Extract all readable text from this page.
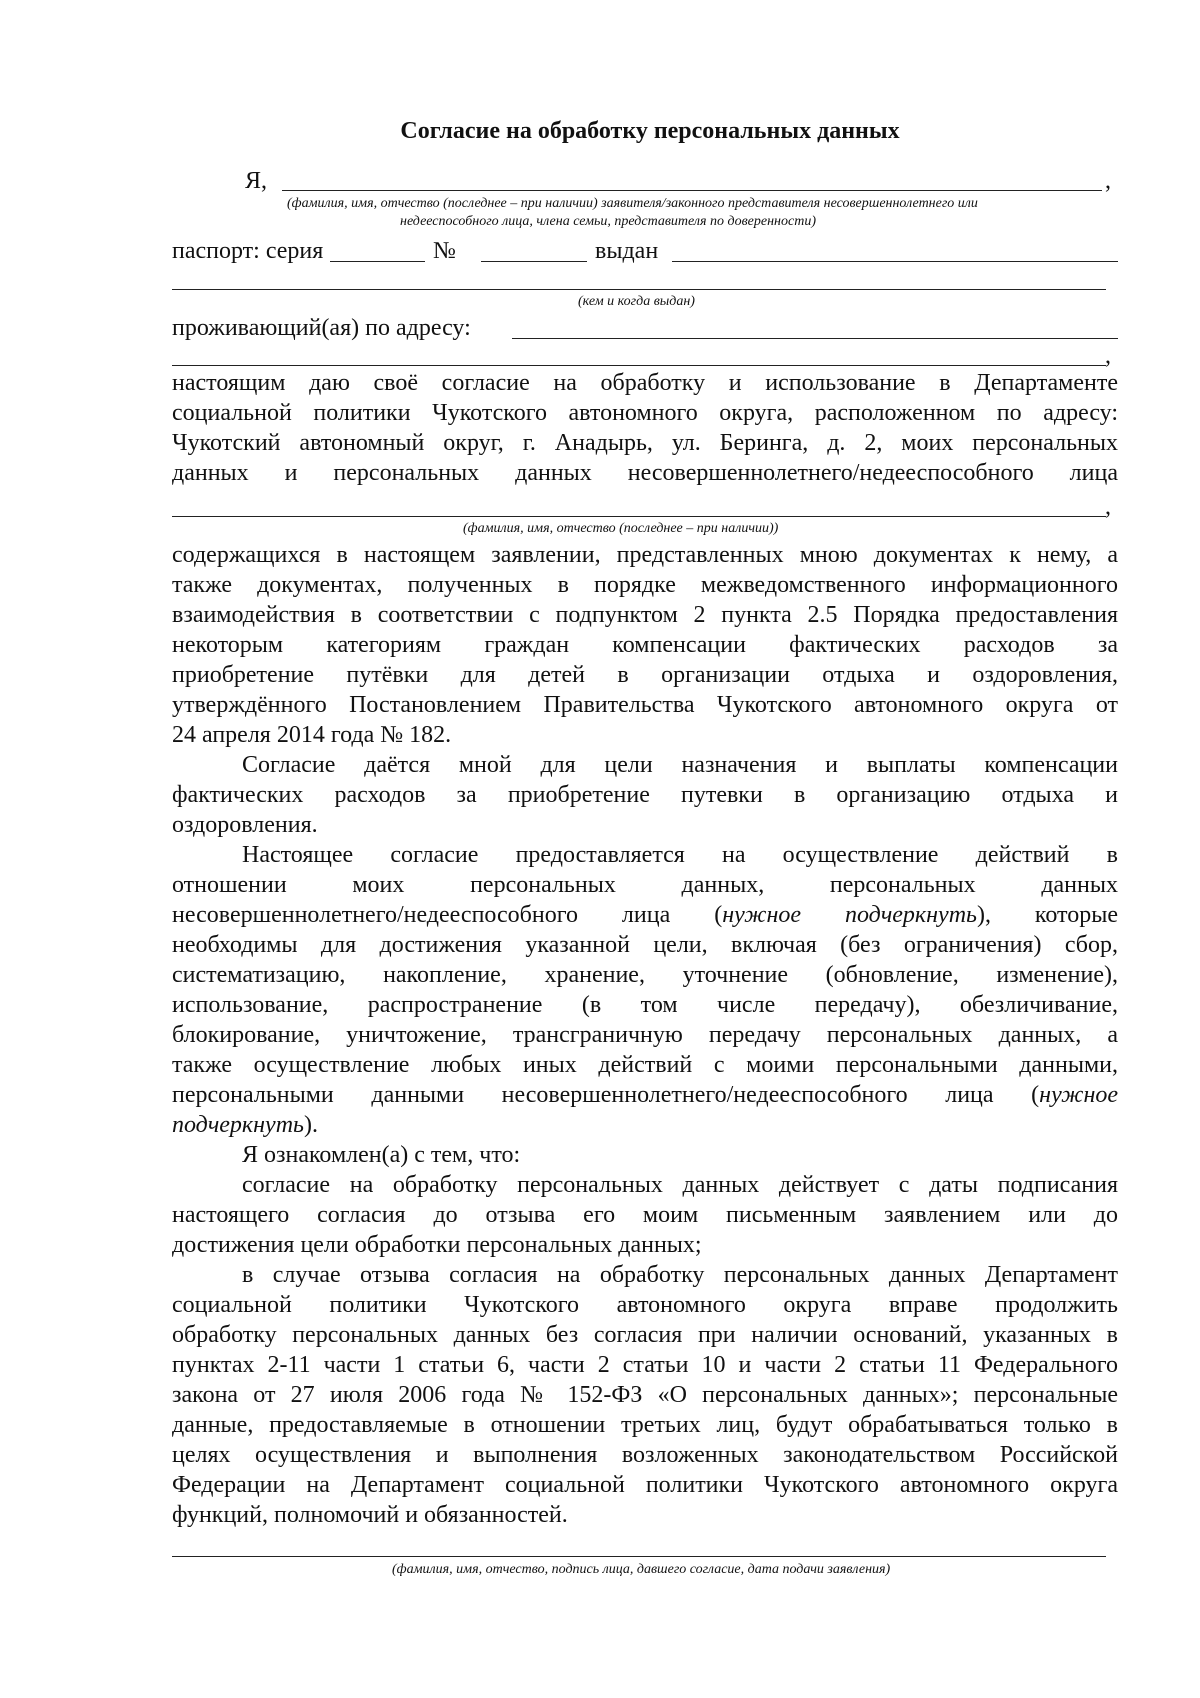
Согласие на обработку персональных данных
Я,	,
(фамилия, имя, отчество (последнее – при наличии) заявителя/законного представителя несовершеннолетнего или
недееспособного лица, члена семьи, представителя по доверенности)
паспорт: серия	№	выдан
(кем и когда выдан)
проживающий(ая) по адресу:
,
настоящим даю своё согласие на обработку и использование в Департаменте
социальной политики Чукотского автономного округа, расположенном по адресу:
Чукотский автономный округ, г. Анадырь, ул. Беринга, д. 2, моих персональных
данных и персональных данных несовершеннолетнего/недееспособного лица
,
(фамилия, имя, отчество (последнее – при наличии))
содержащихся в настоящем заявлении, представленных мною документах к нему, а
также документах, полученных в порядке межведомственного информационного
взаимодействия в соответствии с подпунктом 2 пункта 2.5 Порядка предоставления
некоторым категориям граждан компенсации фактических расходов за
приобретение путёвки для детей в организации отдыха и оздоровления,
утверждённого Постановлением Правительства Чукотского автономного округа от
24 апреля 2014 года № 182.
Согласие даётся мной для цели назначения и выплаты компенсации
фактических расходов за приобретение путевки в организацию отдыха и
оздоровления.
Настоящее согласие предоставляется на осуществление действий в
отношении моих персональных данных, персональных данных
несовершеннолетнего/недееспособного лица (нужное подчеркнуть), которые
необходимы для достижения указанной цели, включая (без ограничения) сбор,
систематизацию, накопление, хранение, уточнение (обновление, изменение),
использование, распространение (в том числе передачу), обезличивание,
блокирование, уничтожение, трансграничную передачу персональных данных, а
также осуществление любых иных действий с моими персональными данными,
персональными данными несовершеннолетнего/недееспособного лица (нужное
подчеркнуть).
Я ознакомлен(а) с тем, что:
согласие на обработку персональных данных действует с даты подписания
настоящего согласия до отзыва его моим письменным заявлением или до
достижения цели обработки персональных данных;
в случае отзыва согласия на обработку персональных данных Департамент
социальной политики Чукотского автономного округа вправе продолжить
обработку персональных данных без согласия при наличии оснований, указанных в
пунктах 2-11 части 1 статьи 6, части 2 статьи 10 и части 2 статьи 11 Федерального
закона от 27 июля 2006 года № 152-ФЗ «О персональных данных»; персональные
данные, предоставляемые в отношении третьих лиц, будут обрабатываться только в
целях осуществления и выполнения возложенных законодательством Российской
Федерации на Департамент социальной политики Чукотского автономного округа
функций, полномочий и обязанностей.
(фамилия, имя, отчество, подпись лица, давшего согласие, дата подачи заявления)
